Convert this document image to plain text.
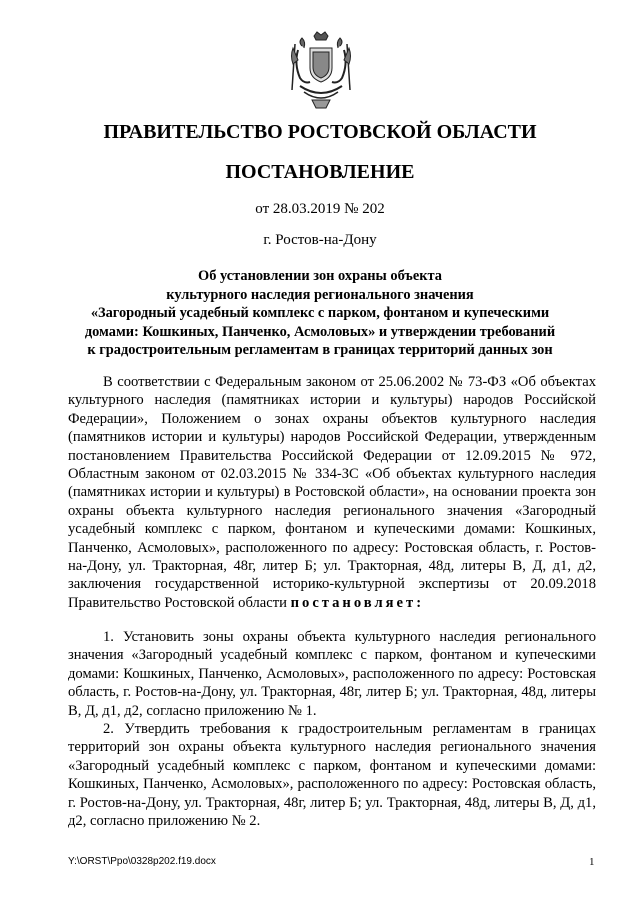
ПРАВИТЕЛЬСТВО РОСТОВСКОЙ ОБЛАСТИ
ПОСТАНОВЛЕНИЕ
от 28.03.2019 № 202
г. Ростов-на-Дону
Об установлении зон охраны объекта
культурного наследия регионального значения
«Загородный усадебный комплекс с парком, фонтаном и купеческими
домами: Кошкиных, Панченко, Асмоловых» и утверждении требований
к градостроительным регламентам в границах территорий данных зон
В соответствии с Федеральным законом от 25.06.2002 № 73-ФЗ «Об объектах культурного наследия (памятниках истории и культуры) народов Российской Федерации», Положением о зонах охраны объектов культурного наследия (памятников истории и культуры) народов Российской Федерации, утвержденным постановлением Правительства Российской Федерации от 12.09.2015 № 972, Областным законом от 02.03.2015 № 334-ЗС «Об объектах культурного наследия (памятниках истории и культуры) в Ростовской области», на основании проекта зон охраны объекта культурного наследия регионального значения «Загородный усадебный комплекс с парком, фонтаном и купеческими домами: Кошкиных, Панченко, Асмоловых», расположенного по адресу: Ростовская область, г. Ростов-на-Дону, ул. Тракторная, 48г, литер Б; ул. Тракторная, 48д, литеры В, Д, д1, д2, заключения государственной историко-культурной экспертизы от 20.09.2018 Правительство Ростовской области постановляет:
1. Установить зоны охраны объекта культурного наследия регионального значения «Загородный усадебный комплекс с парком, фонтаном и купеческими домами: Кошкиных, Панченко, Асмоловых», расположенного по адресу: Ростовская область, г. Ростов-на-Дону, ул. Тракторная, 48г, литер Б; ул. Тракторная, 48д, литеры В, Д, д1, д2, согласно приложению № 1.
2. Утвердить требования к градостроительным регламентам в границах территорий зон охраны объекта культурного наследия регионального значения «Загородный усадебный комплекс с парком, фонтаном и купеческими домами: Кошкиных, Панченко, Асмоловых», расположенного по адресу: Ростовская область, г. Ростов-на-Дону, ул. Тракторная, 48г, литер Б; ул. Тракторная, 48д, литеры В, Д, д1, д2, согласно приложению № 2.
Y:\ORST\Ppo\0328p202.f19.docx	1
